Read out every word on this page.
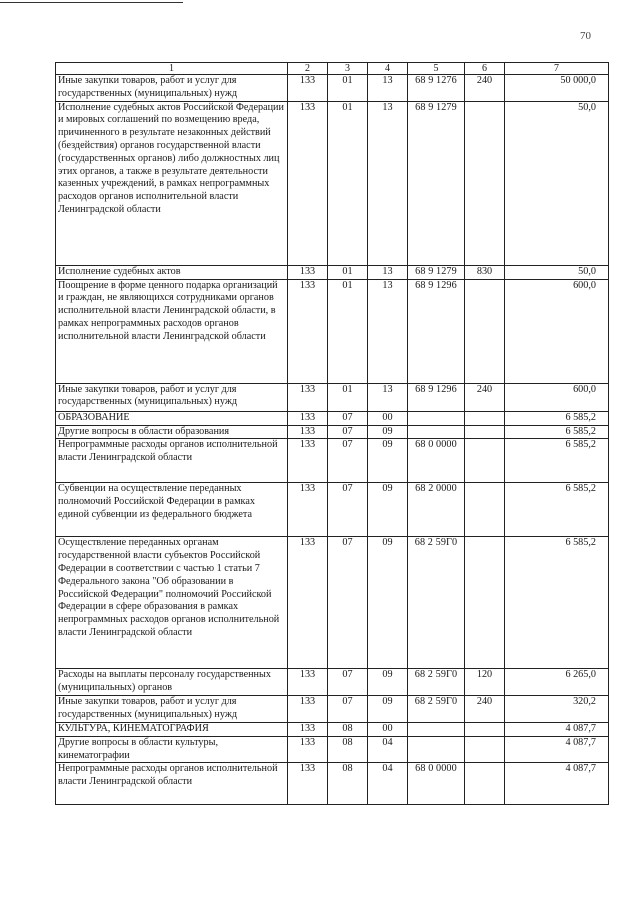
70
1	2	3	4	5	6	7
Иные закупки товаров, работ и услуг для государственных (муниципальных) нужд	133	01	13	68 9 1276	240	50 000,0
Исполнение судебных актов Российской Федерации и мировых соглашений по возмещению вреда, причиненного в результате незаконных действий (бездействия) органов государственной власти (государственных органов) либо должностных лиц этих органов, а также в результате деятельности казенных учреждений, в рамках непрограммных расходов органов исполнительной власти Ленинградской области	133	01	13	68 9 1279		50,0
Исполнение судебных актов	133	01	13	68 9 1279	830	50,0
Поощрение в форме ценного подарка организаций и граждан, не являющихся сотрудниками органов исполнительной власти Ленинградской области, в рамках непрограммных расходов органов исполнительной власти Ленинградской области	133	01	13	68 9 1296		600,0
Иные закупки товаров, работ и услуг для государственных (муниципальных) нужд	133	01	13	68 9 1296	240	600,0
ОБРАЗОВАНИЕ	133	07	00			6 585,2
Другие вопросы в области образования	133	07	09			6 585,2
Непрограммные расходы органов исполнительной власти Ленинградской области	133	07	09	68 0 0000		6 585,2
Субвенции на осуществление переданных полномочий Российской Федерации в рамках единой субвенции из федерального бюджета	133	07	09	68 2 0000		6 585,2
Осуществление переданных органам государственной власти субъектов Российской Федерации в соответствии с частью 1 статьи 7 Федерального закона "Об образовании в Российской Федерации" полномочий Российской Федерации в сфере образования в рамках непрограммных расходов органов исполнительной власти Ленинградской области	133	07	09	68 2 59Г0		6 585,2
Расходы на выплаты персоналу государственных (муниципальных) органов	133	07	09	68 2 59Г0	120	6 265,0
Иные закупки товаров, работ и услуг для государственных (муниципальных) нужд	133	07	09	68 2 59Г0	240	320,2
КУЛЬТУРА, КИНЕМАТОГРАФИЯ	133	08	00			4 087,7
Другие вопросы в области культуры, кинематографии	133	08	04			4 087,7
Непрограммные расходы органов исполнительной власти Ленинградской области	133	08	04	68 0 0000		4 087,7
